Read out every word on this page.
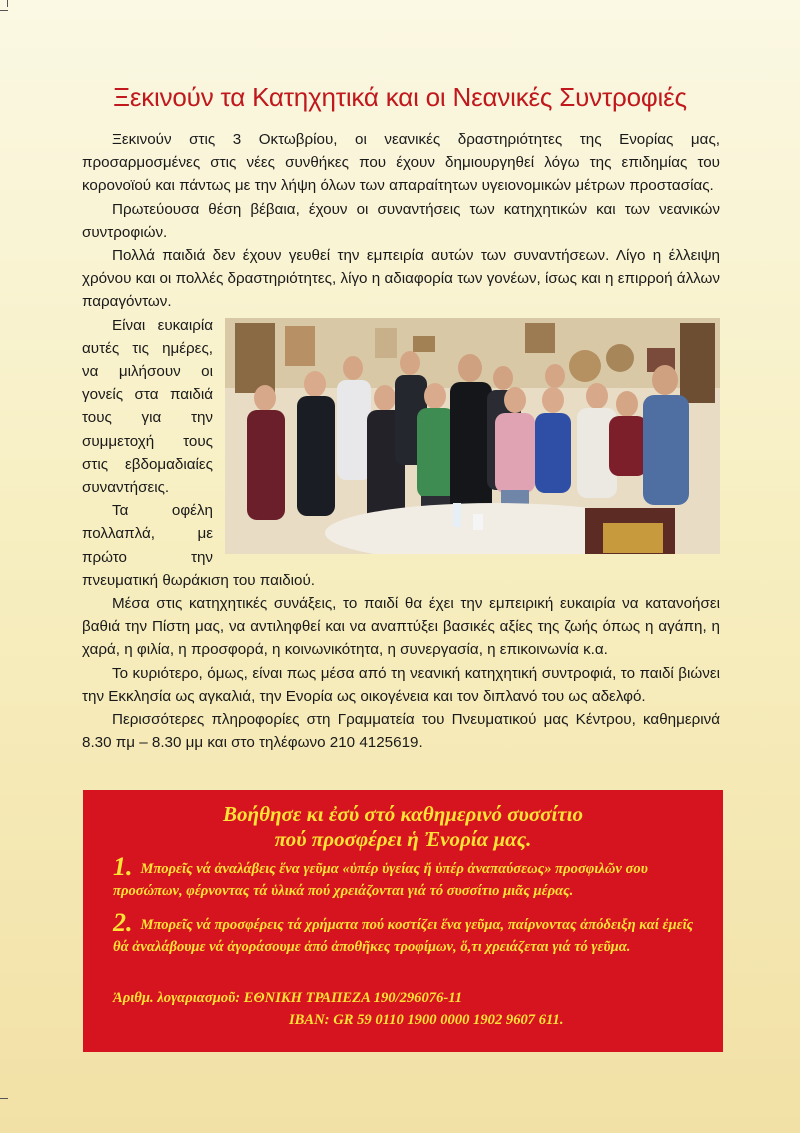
Ξεκινούν τα Κατηχητικά και οι Νεανικές Συντροφιές

Ξεκινούν στις 3 Οκτωβρίου, οι νεανικές δραστηριότητες της Ενορίας μας, προσαρμοσμένες στις νέες συνθήκες που έχουν δημιουργηθεί λόγω της επιδημίας του κορονοϊού και πάντως με την λήψη όλων των απαραίτητων υγειονομικών μέτρων προστασίας.

Πρωτεύουσα θέση βέβαια, έχουν οι συναντήσεις των κατηχητικών και των νεανικών συντροφιών.

Πολλά παιδιά δεν έχουν γευθεί την εμπειρία αυτών των συναντήσεων. Λίγο η έλλειψη χρόνου και οι πολλές δραστηριότητες, λίγο η αδιαφορία των γονέων, ίσως και η επιρροή άλλων παραγόντων.

Είναι ευκαιρία αυτές τις ημέρες, να μιλήσουν οι γονείς στα παιδιά τους για την συμμετοχή τους στις εβδομαδιαίες συναντήσεις.

Τα οφέλη πολλαπλά, με πρώτο την πνευματική θωράκιση του παιδιού.

Μέσα στις κατηχητικές συνάξεις, το παιδί θα έχει την εμπειρική ευκαιρία να κατανοήσει βαθιά την Πίστη μας, να αντιληφθεί και να αναπτύξει βασικές αξίες της ζωής όπως η αγάπη, η χαρά, η φιλία, η προσφορά, η κοινωνικότητα, η συνεργασία, η επικοινωνία κ.α.

Το κυριότερο, όμως, είναι πως μέσα από τη νεανική κατηχητική συντροφιά, το παιδί βιώνει την Εκκλησία ως αγκαλιά, την Ενορία ως οικογένεια και τον διπλανό του ως αδελφό.

Περισσότερες πληροφορίες στη Γραμματεία του Πνευματικού μας Κέντρου, καθημερινά 8.30 πμ – 8.30 μμ και στο τηλέφωνο 210 4125619.

Βοήθησε κι ἐσύ στό καθημερινό συσσίτιο
πού προσφέρει ἡ Ἐνορία μας.
1. Μπορεῖς νά ἀναλάβεις ἕνα γεῦμα «ὑπέρ ὑγείας ἤ ὑπέρ ἀναπαύσεως» προσφιλῶν σου προσώπων, φέρνοντας τά ὑλικά πού χρειάζονται γιά τό συσσίτιο μιᾶς μέρας.
2. Μπορεῖς νά προσφέρεις τά χρήματα πού κοστίζει ἕνα γεῦμα, παίρνοντας ἀπόδειξη καί ἐμεῖς θά ἀναλάβουμε νά ἀγοράσουμε ἀπό ἀποθῆκες τροφίμων, ὅ,τι χρειάζεται γιά τό γεῦμα.
Ἀριθμ. λογαριασμοῦ: ΕΘΝΙΚΗ ΤΡΑΠΕΖΑ 190/296076-11
IBAN: GR 59 0110 1900 0000 1902 9607 611.
